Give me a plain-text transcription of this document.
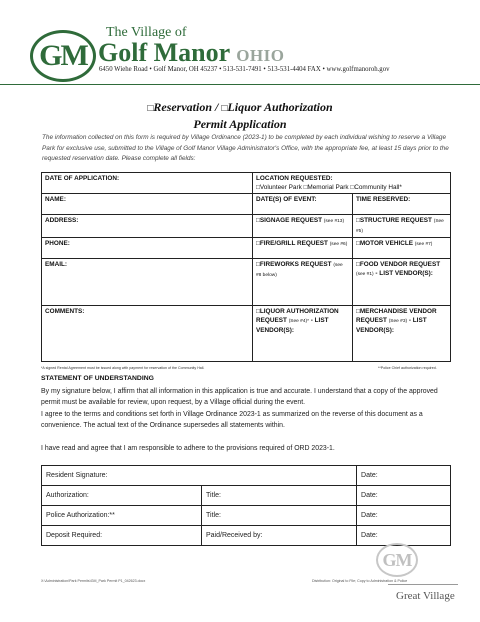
GM
The Village of
Golf Manor OHIO
6450 Wiehe Road • Golf Manor, OH 45237 • 513-531-7491 • 513-531-4404 FAX • www.golfmanoroh.gov
□Reservation / □Liquor Authorization
Permit Application
The information collected on this form is required by Village Ordinance (2023-1) to be completed by each individual wishing to reserve a Village Park for exclusive use, submitted to the Village of Golf Manor Village Administrator's Office, with the appropriate fee, at least 15 days prior to the requested reservation date. Please complete all fields:
DATE OF APPLICATION:	LOCATION REQUESTED:
□Volunteer Park □Memorial Park □Community Hall*	

NAME:	DATE(S) OF EVENT:	TIME RESERVED:
ADDRESS:	□SIGNAGE REQUEST (see #13)	□STRUCTURE REQUEST (See #5)
PHONE:	□FIRE/GRILL REQUEST (see #6)	□MOTOR VEHICLE (see #7)
EMAIL:	□FIREWORKS REQUEST (see #8 below)	□FOOD VENDOR REQUEST (see #1) - LIST VENDOR(S):
COMMENTS:	□LIQUOR AUTHORIZATION REQUEST (See #4)* - LIST VENDOR(S):	□MERCHANDISE VENDOR REQUEST (See #3) - LIST VENDOR(S):
*A signed Rental Agreement must be issued along with payment for reservation of the Community Hall.	**Police Chief authorization required.
STATEMENT OF UNDERSTANDING

By my signature below, I affirm that all information in this application is true and accurate. I understand that a copy of the approved permit must be available for review, upon request, by a Village official during the event.

I agree to the terms and conditions set forth in Village Ordinance 2023-1 as summarized on the reverse of this document as a convenience. The actual text of the Ordinance supersedes all statements within.

I have read and agree that I am responsible to adhere to the provisions required of ORD 2023-1.
Resident Signature:		Date:
Authorization:	Title:	Date:
Police Authorization:**	Title:	Date:
Deposit Required:	Paid/Received by:	Date:
X:\Administration\Park Permits\GM_Park Permit P1_042623.docx	Distribution: Original to File; Copy to Administration & Police
GM
Great Village
